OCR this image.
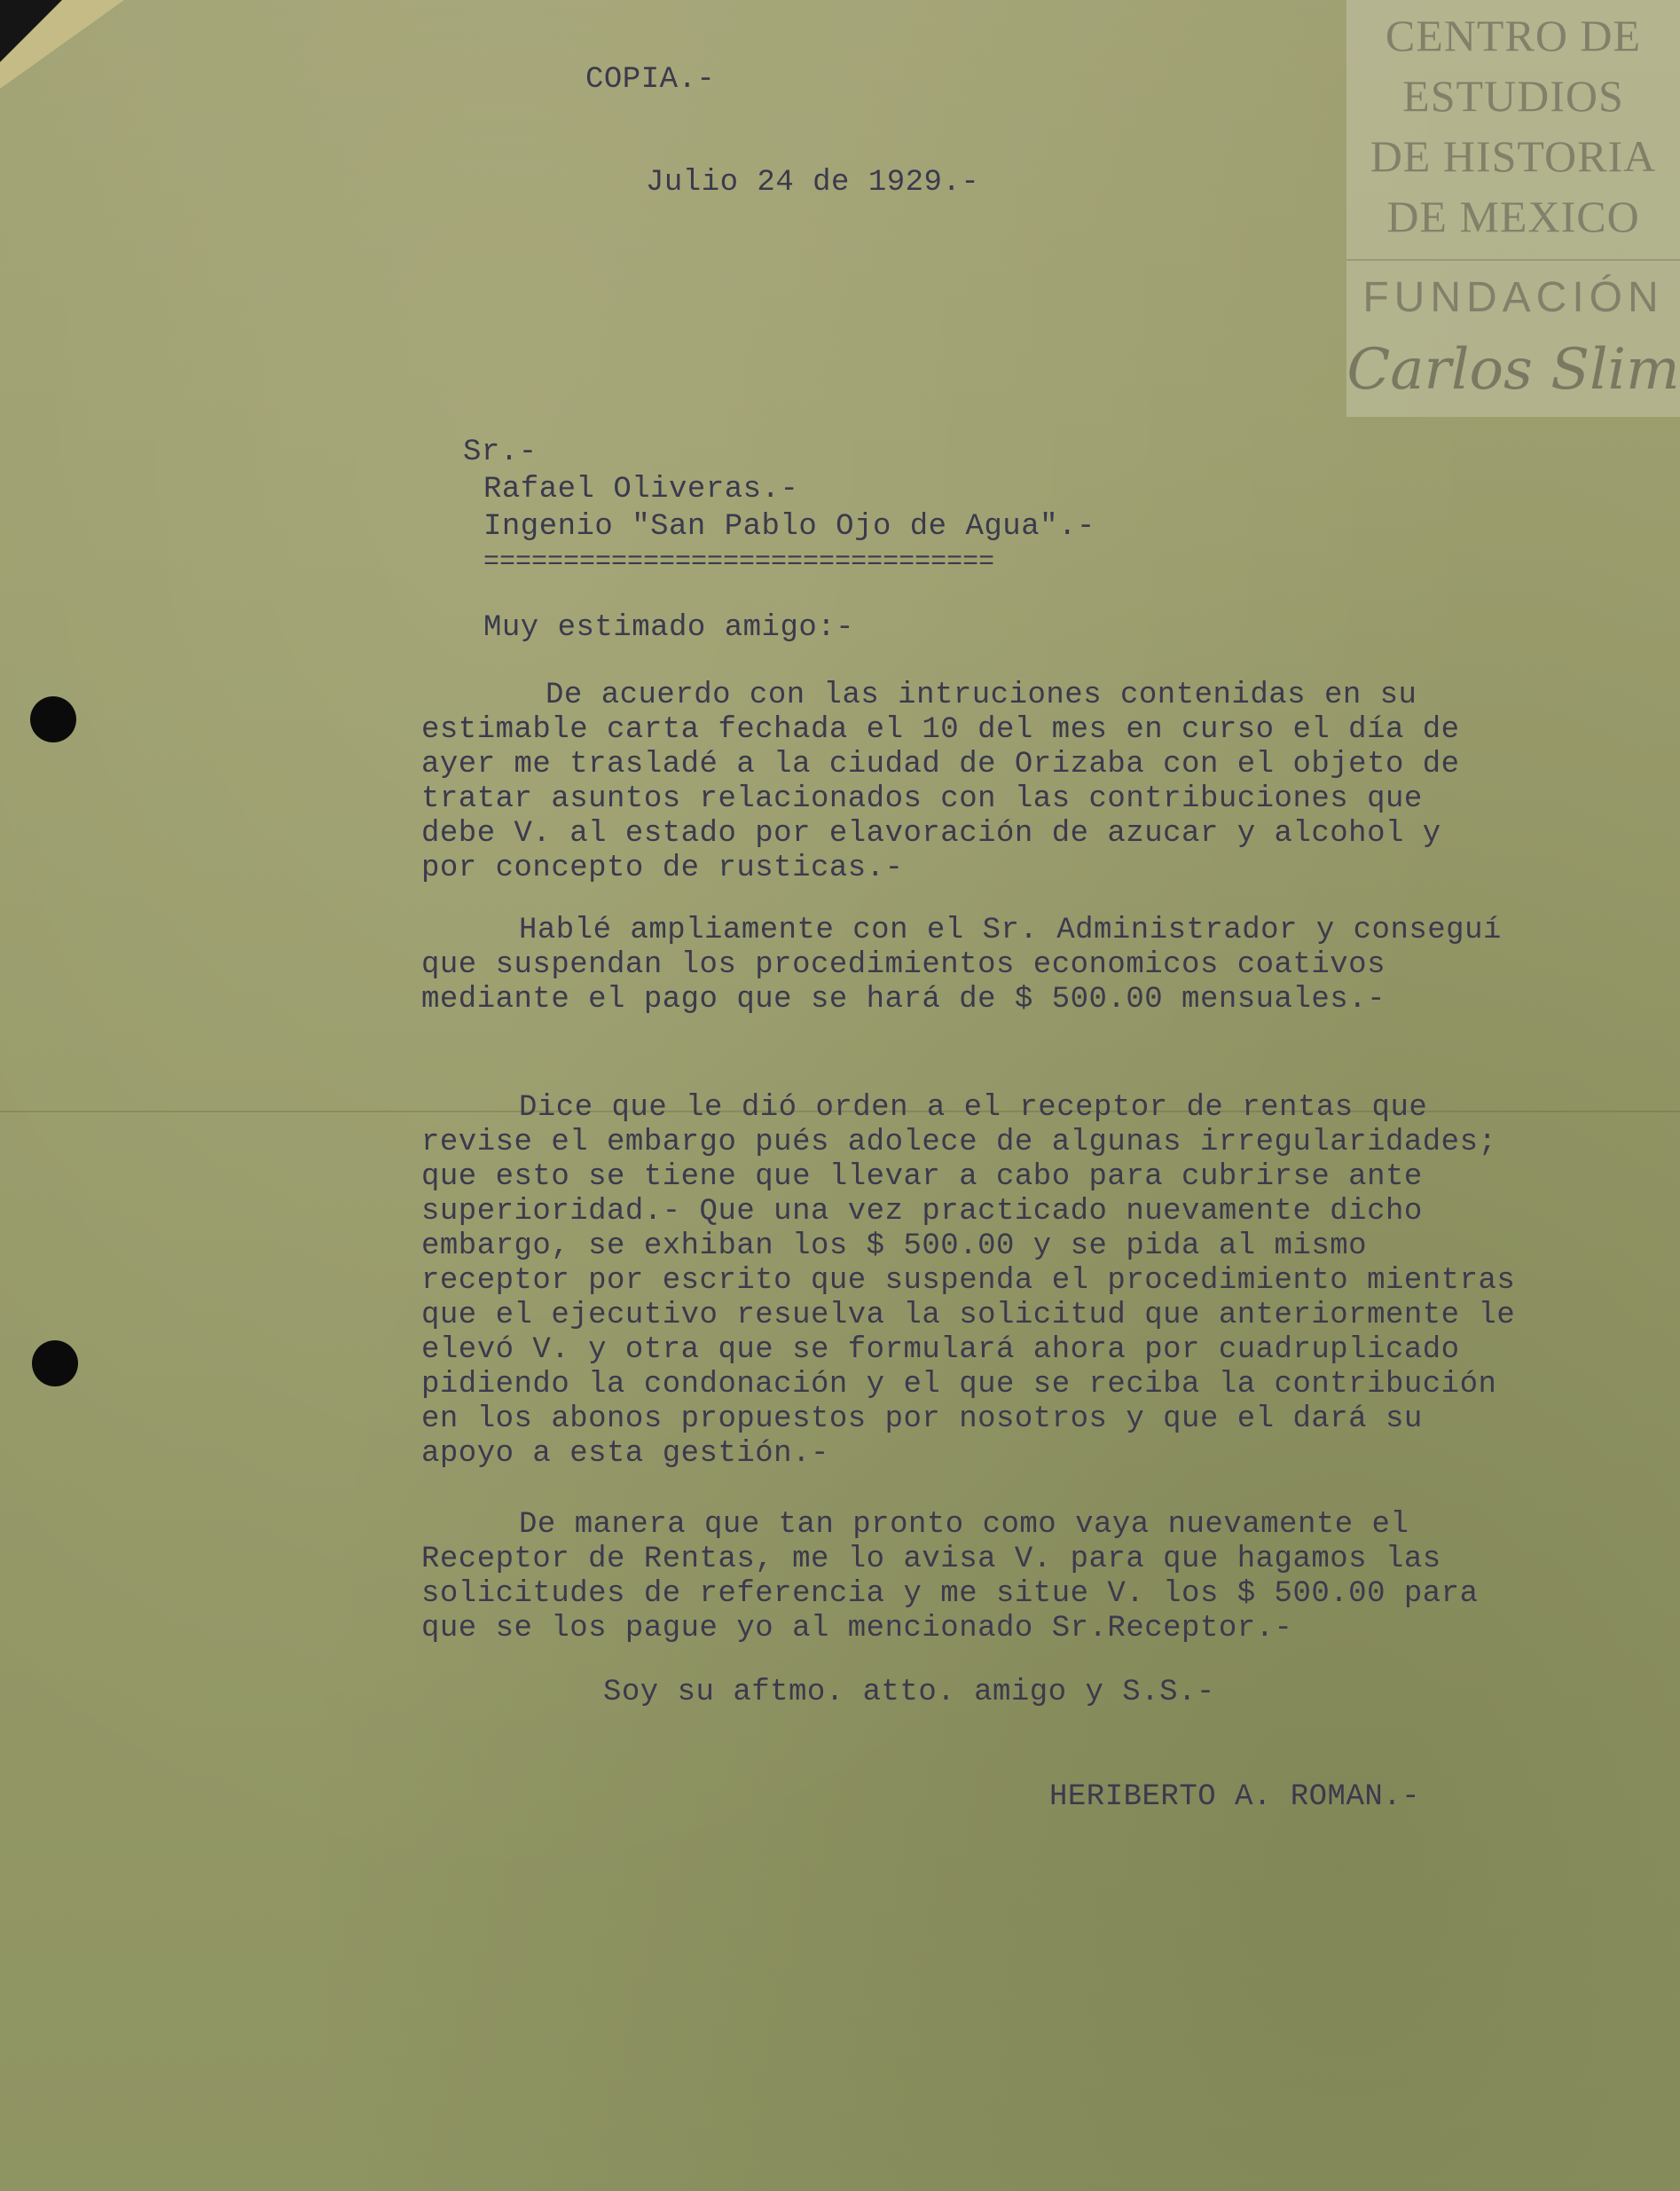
CENTRO DE
ESTUDIOS
DE HISTORIA
DE MEXICO
FUNDACIÓN
Carlos Slim
COPIA.-
Julio 24 de 1929.-
Sr.-
Rafael Oliveras.-
Ingenio "San Pablo Ojo de Agua".-
================================
Muy estimado amigo:-
De acuerdo con las intruciones contenidas en su estimable carta fechada el 10 del mes en curso el día de ayer me trasladé a la ciudad de Orizaba con el objeto de tratar asuntos relacionados con las contribuciones que debe V. al estado por elavoración de azucar y alcohol y por concepto de rusticas.-
Hablé ampliamente con el Sr. Administrador y conseguí que suspendan los procedimientos economicos coativos mediante el pago que se hará de $ 500.00 mensuales.-
Dice que le dió orden a el receptor de rentas que revise el embargo pués adolece de algunas irregularidades; que esto se tiene que llevar a cabo para cubrirse ante superioridad.- Que una vez practicado nuevamente dicho embargo, se exhiban los $ 500.00 y se pida al mismo receptor por escrito que suspenda el procedimiento mientras que el ejecutivo resuelva la solicitud que anteriormente le elevó V. y otra que se formulará ahora por cuadruplicado pidiendo la condonación y el que se reciba la contribución en los abonos propuestos por nosotros y que el dará su apoyo a esta gestión.-
De manera que tan pronto como vaya nuevamente el Receptor de Rentas, me lo avisa V. para que hagamos las solicitudes de referencia y me situe V. los $ 500.00 para que se los pague yo al mencionado Sr.Receptor.-
Soy su aftmo. atto. amigo y S.S.-
HERIBERTO A. ROMAN.-
